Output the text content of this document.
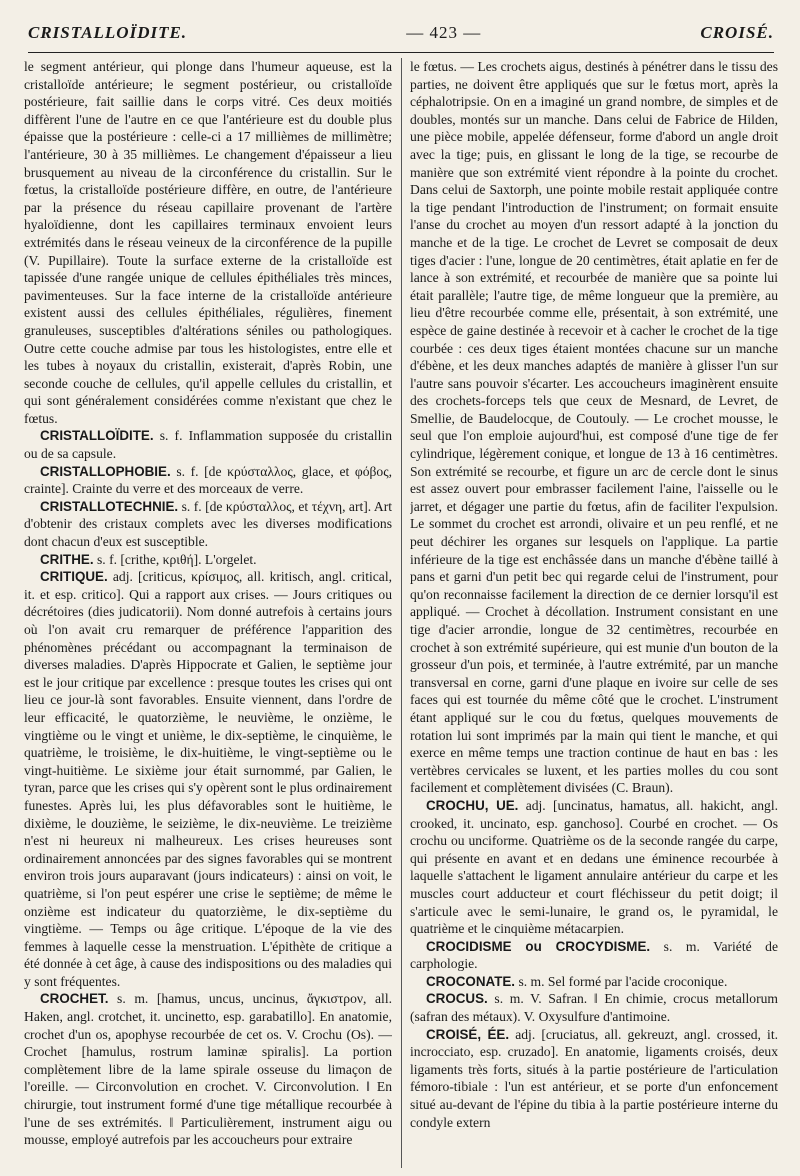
CRISTALLOÏDITE.	— 423 —	CROISÉ.

le segment antérieur, qui plonge dans l'humeur aqueuse, est la cristalloïde antérieure; le segment postérieur, ou cristalloïde postérieure, fait saillie dans le corps vitré. Ces deux moitiés diffèrent l'une de l'autre en ce que l'antérieure est du double plus épaisse que la postérieure : celle-ci a 17 millièmes de millimètre; l'antérieure, 30 à 35 millièmes. Le changement d'épaisseur a lieu brusquement au niveau de la circonférence du cristallin. Sur le fœtus, la cristalloïde postérieure diffère, en outre, de l'antérieure par la présence du réseau capillaire provenant de l'artère hyaloïdienne, dont les capillaires terminaux envoient leurs extrémités dans le réseau veineux de la circonférence de la pupille (V. Pupillaire). Toute la surface externe de la cristalloïde est tapissée d'une rangée unique de cellules épithéliales très minces, pavimenteuses. Sur la face interne de la cristalloïde antérieure existent aussi des cellules épithéliales, régulières, finement granuleuses, susceptibles d'altérations séniles ou pathologiques. Outre cette couche admise par tous les histologistes, entre elle et les tubes à noyaux du cristallin, existerait, d'après Robin, une seconde couche de cellules, qu'il appelle cellules du cristallin, et qui sont généralement considérées comme n'existant que chez le fœtus.

CRISTALLOÏDITE. s. f. Inflammation supposée du cristallin ou de sa capsule.

CRISTALLOPHOBIE. s. f. [de κρύσταλλος, glace, et φόβος, crainte]. Crainte du verre et des morceaux de verre.

CRISTALLOTECHNIE. s. f. [de κρύσταλλος, et τέχνη, art]. Art d'obtenir des cristaux complets avec les diverses modifications dont chacun d'eux est susceptible.

CRITHE. s. f. [crithe, κριθή]. L'orgelet.

CRITIQUE. adj. [criticus, κρίσιμος, all. kritisch, angl. critical, it. et esp. critico]. Qui a rapport aux crises. — Jours critiques ou décrétoires (dies judicatorii). Nom donné autrefois à certains jours où l'on avait cru remarquer de préférence l'apparition des phénomènes précédant ou accompagnant la terminaison de diverses maladies. D'après Hippocrate et Galien, le septième jour est le jour critique par excellence : presque toutes les crises qui ont lieu ce jour-là sont favorables. Ensuite viennent, dans l'ordre de leur efficacité, le quatorzième, le neuvième, le onzième, le vingtième ou le vingt et unième, le dix-septième, le cinquième, le quatrième, le troisième, le dix-huitième, le vingt-septième ou le vingt-huitième. Le sixième jour était surnommé, par Galien, le tyran, parce que les crises qui s'y opèrent sont le plus ordinairement funestes. Après lui, les plus défavorables sont le huitième, le dixième, le douzième, le seizième, le dix-neuvième. Le treizième n'est ni heureux ni malheureux. Les crises heureuses sont ordinairement annoncées par des signes favorables qui se montrent environ trois jours auparavant (jours indicateurs) : ainsi on voit, le quatrième, si l'on peut espérer une crise le septième; de même le onzième est indicateur du quatorzième, le dix-septième du vingtième. — Temps ou âge critique. L'époque de la vie des femmes à laquelle cesse la menstruation. L'épithète de critique a été donnée à cet âge, à cause des indispositions ou des maladies qui y sont fréquentes.

CROCHET. s. m. [hamus, uncus, uncinus, ἄγκιστρον, all. Haken, angl. crotchet, it. uncinetto, esp. garabatillo]. En anatomie, crochet d'un os, apophyse recourbée de cet os. V. Crochu (Os). — Crochet [hamulus, rostrum laminæ spiralis]. La portion complètement libre de la lame spirale osseuse du limaçon de l'oreille. — Circonvolution en crochet. V. Circonvolution. ‖ En chirurgie, tout instrument formé d'une tige métallique recourbée à l'une de ses extrémités. ‖ Particulièrement, instrument aigu ou mousse, employé autrefois par les accoucheurs pour extraire

le fœtus. — Les crochets aigus, destinés à pénétrer dans le tissu des parties, ne doivent être appliqués que sur le fœtus mort, après la céphalotripsie. On en a imaginé un grand nombre, de simples et de doubles, montés sur un manche. Dans celui de Fabrice de Hilden, une pièce mobile, appelée défenseur, forme d'abord un angle droit avec la tige; puis, en glissant le long de la tige, se recourbe de manière que son extrémité vient répondre à la pointe du crochet. Dans celui de Saxtorph, une pointe mobile restait appliquée contre la tige pendant l'introduction de l'instrument; on formait ensuite l'anse du crochet au moyen d'un ressort adapté à la jonction du manche et de la tige. Le crochet de Levret se composait de deux tiges d'acier : l'une, longue de 20 centimètres, était aplatie en fer de lance à son extrémité, et recourbée de manière que sa pointe lui était parallèle; l'autre tige, de même longueur que la première, au lieu d'être recourbée comme elle, présentait, à son extrémité, une espèce de gaine destinée à recevoir et à cacher le crochet de la tige courbée : ces deux tiges étaient montées chacune sur un manche d'ébène, et les deux manches adaptés de manière à glisser l'un sur l'autre sans pouvoir s'écarter. Les accoucheurs imaginèrent ensuite des crochets-forceps tels que ceux de Mesnard, de Levret, de Smellie, de Baudelocque, de Coutouly. — Le crochet mousse, le seul que l'on emploie aujourd'hui, est composé d'une tige de fer cylindrique, légèrement conique, et longue de 13 à 16 centimètres. Son extrémité se recourbe, et figure un arc de cercle dont le sinus est assez ouvert pour embrasser facilement l'aine, l'aisselle ou le jarret, et dégager une partie du fœtus, afin de faciliter l'expulsion. Le sommet du crochet est arrondi, olivaire et un peu renflé, et ne peut déchirer les organes sur lesquels on l'applique. La partie inférieure de la tige est enchâssée dans un manche d'ébène taillé à pans et garni d'un petit bec qui regarde celui de l'instrument, pour qu'on reconnaisse facilement la direction de ce dernier lorsqu'il est appliqué. — Crochet à décollation. Instrument consistant en une tige d'acier arrondie, longue de 32 centimètres, recourbée en crochet à son extrémité supérieure, qui est munie d'un bouton de la grosseur d'un pois, et terminée, à l'autre extrémité, par un manche transversal en corne, garni d'une plaque en ivoire sur celle de ses faces qui est tournée du même côté que le crochet. L'instrument étant appliqué sur le cou du fœtus, quelques mouvements de rotation lui sont imprimés par la main qui tient le manche, et qui exerce en même temps une traction continue de haut en bas : les vertèbres cervicales se luxent, et les parties molles du cou sont facilement et complètement divisées (C. Braun).

CROCHU, UE. adj. [uncinatus, hamatus, all. hakicht, angl. crooked, it. uncinato, esp. ganchoso]. Courbé en crochet. — Os crochu ou unciforme. Quatrième os de la seconde rangée du carpe, qui présente en avant et en dedans une éminence recourbée à laquelle s'attachent le ligament annulaire antérieur du carpe et les muscles court adducteur et court fléchisseur du petit doigt; il s'articule avec le semi-lunaire, le grand os, le pyramidal, le quatrième et le cinquième métacarpien.

CROCIDISME ou CROCYDISME. s. m. Variété de carphologie.

CROCONATE. s. m. Sel formé par l'acide croconique.

CROCUS. s. m. V. Safran. ‖ En chimie, crocus metallorum (safran des métaux). V. Oxysulfure d'antimoine.

CROISÉ, ÉE. adj. [cruciatus, all. gekreuzt, angl. crossed, it. incrocciato, esp. cruzado]. En anatomie, ligaments croisés, deux ligaments très forts, situés à la partie postérieure de l'articulation fémoro-tibiale : l'un est antérieur, et se porte d'un enfoncement situé au-devant de l'épine du tibia à la partie postérieure interne du condyle extern
